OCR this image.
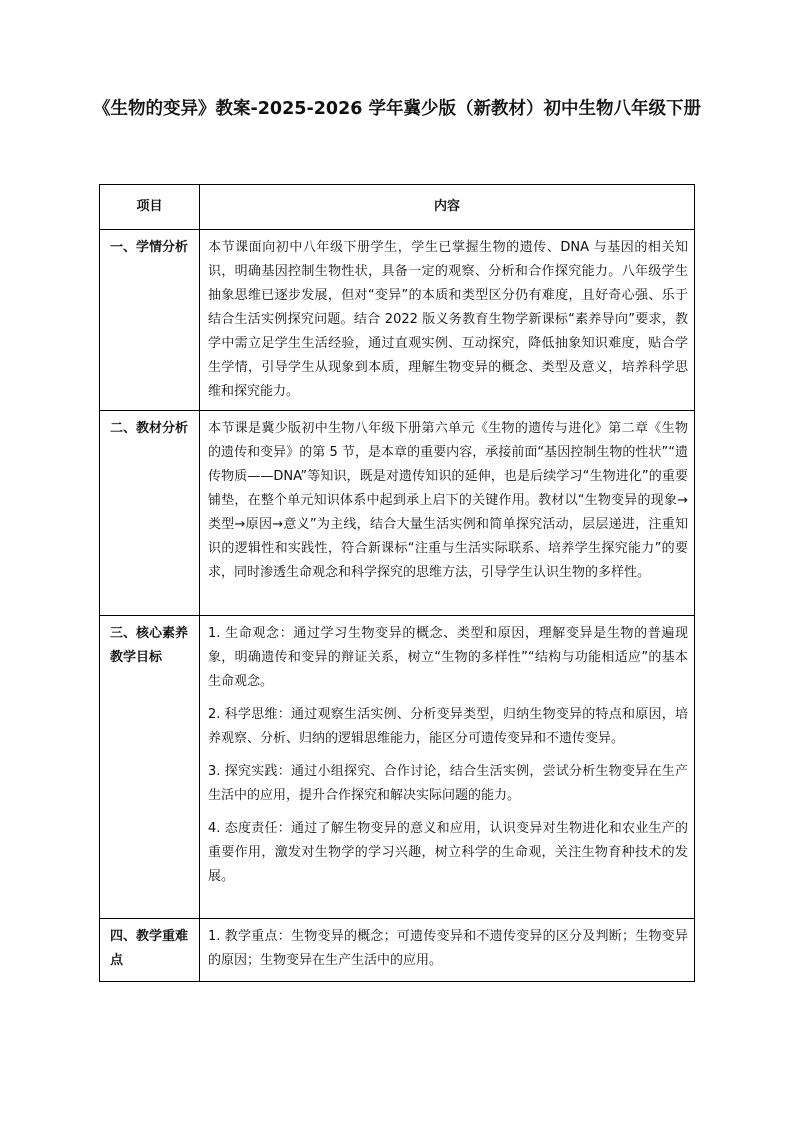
《生物的变异》教案-2025-2026 学年冀少版（新教材）初中生物八年级下册
项目	内容
一、学情分析	本节课面向初中八年级下册学生，学生已掌握生物的遗传、DNA 与基因的相关知识，明确基因控制生物性状，具备一定的观察、分析和合作探究能力。八年级学生抽象思维已逐步发展，但对“变异”的本质和类型区分仍有难度，且好奇心强、乐于结合生活实例探究问题。结合 2022 版义务教育生物学新课标“素养导向”要求，教学中需立足学生生活经验，通过直观实例、互动探究，降低抽象知识难度，贴合学生学情，引导学生从现象到本质，理解生物变异的概念、类型及意义，培养科学思维和探究能力。

二、教材分析	本节课是冀少版初中生物八年级下册第六单元《生物的遗传与进化》第二章《生物的遗传和变异》的第 5 节，是本章的重要内容，承接前面“基因控制生物的性状”“遗传物质——DNA”等知识，既是对遗传知识的延伸，也是后续学习“生物进化”的重要铺垫，在整个单元知识体系中起到承上启下的关键作用。教材以“生物变异的现象→类型→原因→意义”为主线，结合大量生活实例和简单探究活动，层层递进，注重知识的逻辑性和实践性，符合新课标“注重与生活实际联系、培养学生探究能力”的要求，同时渗透生命观念和科学探究的思维方法，引导学生认识生物的多样性。

三、核心素养教学目标	1. 生命观念：通过学习生物变异的概念、类型和原因，理解变异是生物的普遍现象，明确遗传和变异的辩证关系，树立“生物的多样性”“结构与功能相适应”的基本生命观念。

2. 科学思维：通过观察生活实例、分析变异类型，归纳生物变异的特点和原因，培养观察、分析、归纳的逻辑思维能力，能区分可遗传变异和不遗传变异。

3. 探究实践：通过小组探究、合作讨论，结合生活实例，尝试分析生物变异在生产生活中的应用，提升合作探究和解决实际问题的能力。

4. 态度责任：通过了解生物变异的意义和应用，认识变异对生物进化和农业生产的重要作用，激发对生物学的学习兴趣，树立科学的生命观，关注生物育种技术的发展。

四、教学重难点	1. 教学重点：生物变异的概念；可遗传变异和不遗传变异的区分及判断；生物变异的原因；生物变异在生产生活中的应用。
